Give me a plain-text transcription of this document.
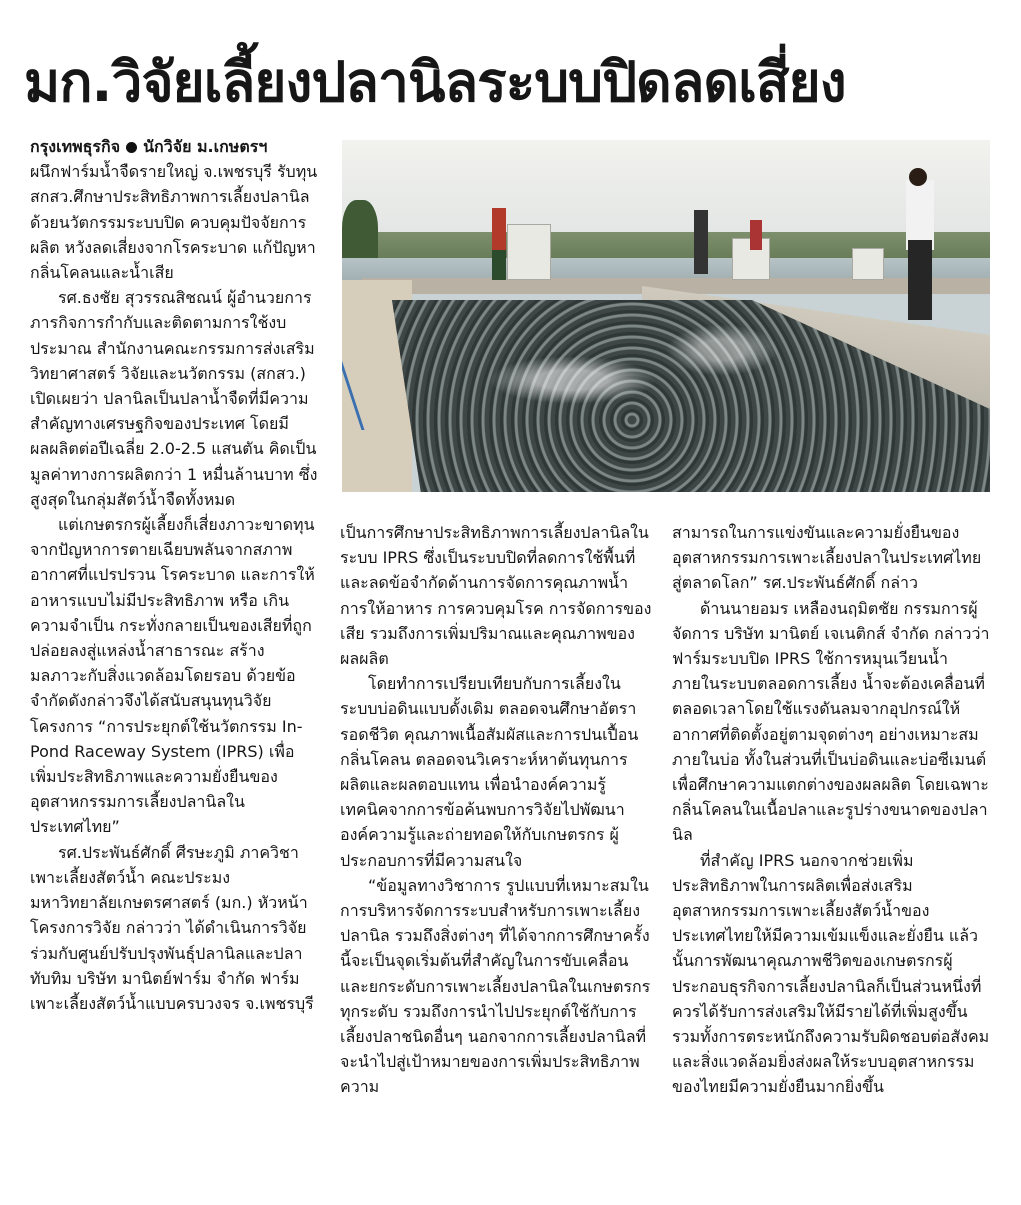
มก.วิจัยเลี้ยงปลานิลระบบปิดลดเสี่ยง

กรุงเทพธุรกิจ นักวิจัย ม.เกษตรฯ

ผนึกฟาร์มน้ำจืดรายใหญ่ จ.เพชรบุรี รับทุน สกสว.ศึกษาประสิทธิภาพการเลี้ยงปลานิล ด้วยนวัตกรรมระบบปิด ควบคุมปัจจัยการผลิต หวังลดเสี่ยงจากโรคระบาด แก้ปัญหากลิ่นโคลนและน้ำเสีย

รศ.ธงชัย สุวรรณสิชณน์ ผู้อำนวยการภารกิจการกำกับและติดตามการใช้งบประมาณ สำนักงานคณะกรรมการส่งเสริมวิทยาศาสตร์ วิจัยและนวัตกรรม (สกสว.) เปิดเผยว่า ปลานิลเป็นปลาน้ำจืดที่มีความสำคัญทางเศรษฐกิจของประเทศ โดยมีผลผลิตต่อปีเฉลี่ย 2.0-2.5 แสนตัน คิดเป็นมูลค่าทางการผลิตกว่า 1 หมื่นล้านบาท ซึ่งสูงสุดในกลุ่มสัตว์น้ำจืดทั้งหมด

แต่เกษตรกรผู้เลี้ยงก็เสี่ยงภาวะขาดทุนจากปัญหาการตายเฉียบพลันจากสภาพอากาศที่แปรปรวน โรคระบาด และการให้อาหารแบบไม่มีประสิทธิภาพ หรือ เกินความจำเป็น กระทั่งกลายเป็นของเสียที่ถูกปล่อยลงสู่แหล่งน้ำสาธารณะ สร้างมลภาวะกับสิ่งแวดล้อมโดยรอบ ด้วยข้อจำกัดดังกล่าวจึงได้สนับสนุนทุนวิจัยโครงการ “การประยุกต์ใช้นวัตกรรม In-Pond Raceway System (IPRS) เพื่อเพิ่มประสิทธิภาพและความยั่งยืนของอุตสาหกรรมการเลี้ยงปลานิลในประเทศไทย”

รศ.ประพันธ์ศักดิ์ ศีรษะภูมิ ภาควิชาเพาะเลี้ยงสัตว์น้ำ คณะประมง มหาวิทยาลัยเกษตรศาสตร์ (มก.) หัวหน้าโครงการวิจัย กล่าวว่า ได้ดำเนินการวิจัยร่วมกับศูนย์ปรับปรุงพันธุ์ปลานิลและปลาทับทิม บริษัท มานิตย์ฟาร์ม จำกัด ฟาร์มเพาะเลี้ยงสัตว์น้ำแบบครบวงจร จ.เพชรบุรี

เป็นการศึกษาประสิทธิภาพการเลี้ยงปลานิลในระบบ IPRS ซึ่งเป็นระบบปิดที่ลดการใช้พื้นที่และลดข้อจำกัดด้านการจัดการคุณภาพน้ำ การให้อาหาร การควบคุมโรค การจัดการของเสีย รวมถึงการเพิ่มปริมาณและคุณภาพของผลผลิต

โดยทำการเปรียบเทียบกับการเลี้ยงในระบบบ่อดินแบบดั้งเดิม ตลอดจนศึกษาอัตรารอดชีวิต คุณภาพเนื้อสัมผัสและการปนเปื้อนกลิ่นโคลน ตลอดจนวิเคราะห์หาต้นทุนการผลิตและผลตอบแทน เพื่อนำองค์ความรู้ เทคนิคจากการข้อค้นพบการวิจัยไปพัฒนาองค์ความรู้และถ่ายทอดให้กับเกษตรกร ผู้ประกอบการที่มีความสนใจ

“ข้อมูลทางวิชาการ รูปแบบที่เหมาะสมในการบริหารจัดการระบบสำหรับการเพาะเลี้ยงปลานิล รวมถึงสิ่งต่างๆ ที่ได้จากการศึกษาครั้งนี้จะเป็นจุดเริ่มต้นที่สำคัญในการขับเคลื่อนและยกระดับการเพาะเลี้ยงปลานิลในเกษตรกรทุกระดับ รวมถึงการนำไปประยุกต์ใช้กับการเลี้ยงปลาชนิดอื่นๆ นอกจากการเลี้ยงปลานิลที่จะนำไปสู่เป้าหมายของการเพิ่มประสิทธิภาพ ความ

สามารถในการแข่งขันและความยั่งยืนของอุตสาหกรรมการเพาะเลี้ยงปลาในประเทศไทยสู่ตลาดโลก” รศ.ประพันธ์ศักดิ์ กล่าว

ด้านนายอมร เหลืองนฤมิตชัย กรรมการผู้จัดการ บริษัท มานิตย์ เจเนติกส์ จำกัด กล่าวว่า ฟาร์มระบบปิด IPRS ใช้การหมุนเวียนน้ำภายในระบบตลอดการเลี้ยง น้ำจะต้องเคลื่อนที่ตลอดเวลาโดยใช้แรงดันลมจากอุปกรณ์ให้อากาศที่ติดตั้งอยู่ตามจุดต่างๆ อย่างเหมาะสมภายในบ่อ ทั้งในส่วนที่เป็นบ่อดินและบ่อซีเมนต์ เพื่อศึกษาความแตกต่างของผลผลิต โดยเฉพาะกลิ่นโคลนในเนื้อปลาและรูปร่างขนาดของปลานิล

ที่สำคัญ IPRS นอกจากช่วยเพิ่มประสิทธิภาพในการผลิตเพื่อส่งเสริมอุตสาหกรรมการเพาะเลี้ยงสัตว์น้ำของประเทศไทยให้มีความเข้มแข็งและยั่งยืน แล้วนั้นการพัฒนาคุณภาพชีวิตของเกษตรกรผู้ประกอบธุรกิจการเลี้ยงปลานิลก็เป็นส่วนหนึ่งที่ควรได้รับการส่งเสริมให้มีรายได้ที่เพิ่มสูงขึ้น รวมทั้งการตระหนักถึงความรับผิดชอบต่อสังคมและสิ่งแวดล้อมยิ่งส่งผลให้ระบบอุตสาหกรรมของไทยมีความยั่งยืนมากยิ่งขึ้น
